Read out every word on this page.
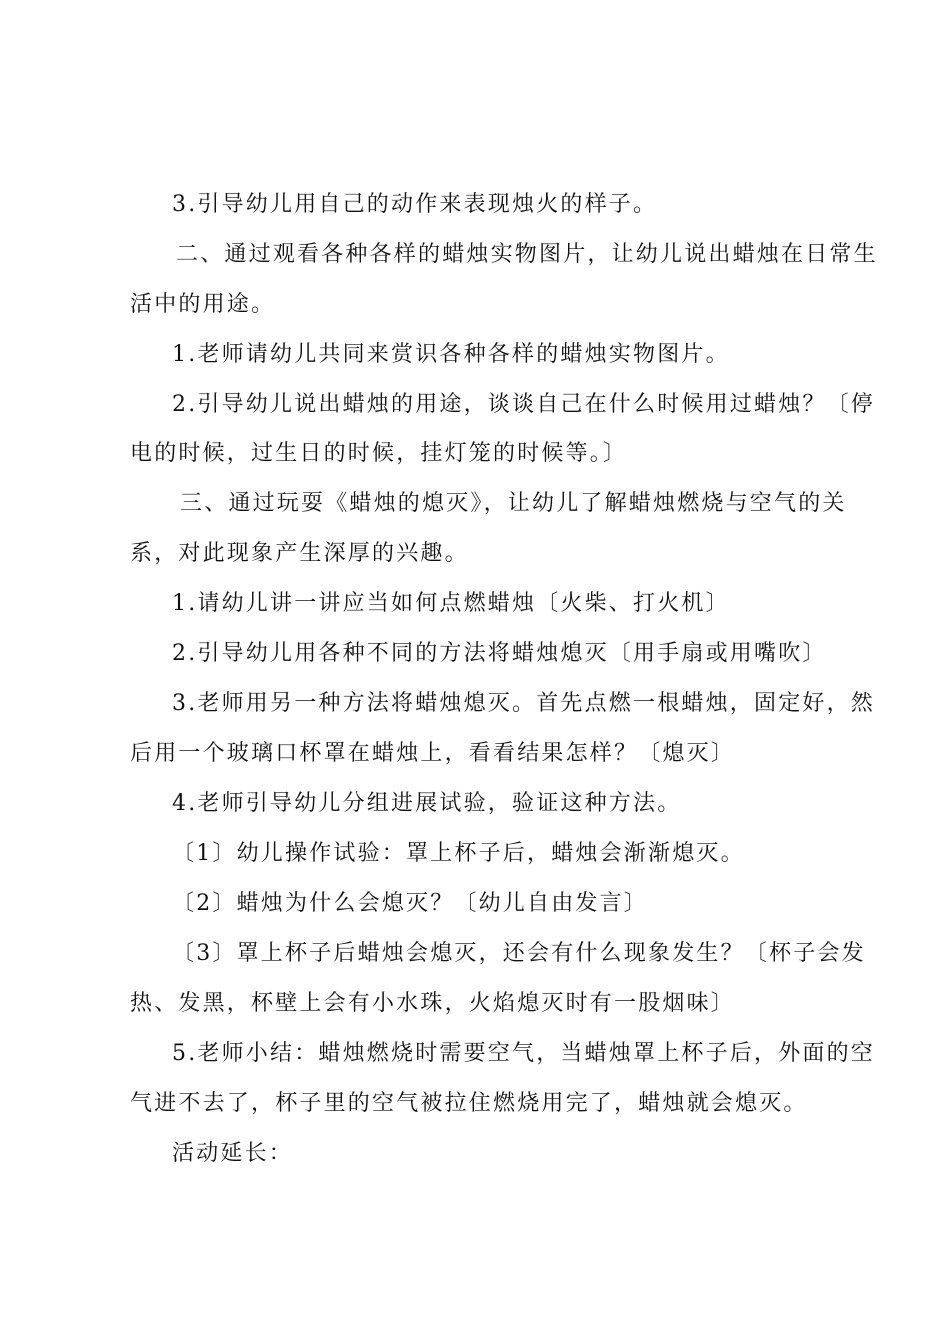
3.引导幼儿用自己的动作来表现烛火的样子。
二、通过观看各种各样的蜡烛实物图片，让幼儿说出蜡烛在日常生
活中的用途。
1.老师请幼儿共同来赏识各种各样的蜡烛实物图片。
2.引导幼儿说出蜡烛的用途，谈谈自己在什么时候用过蜡烛？〔停
电的时候，过生日的时候，挂灯笼的时候等。〕
三、通过玩耍《蜡烛的熄灭》，让幼儿了解蜡烛燃烧与空气的关
系，对此现象产生深厚的兴趣。
1.请幼儿讲一讲应当如何点燃蜡烛〔火柴、打火机〕
2.引导幼儿用各种不同的方法将蜡烛熄灭〔用手扇或用嘴吹〕
3.老师用另一种方法将蜡烛熄灭。首先点燃一根蜡烛，固定好，然
后用一个玻璃口杯罩在蜡烛上，看看结果怎样？〔熄灭〕
4.老师引导幼儿分组进展试验，验证这种方法。
〔1〕幼儿操作试验：罩上杯子后，蜡烛会渐渐熄灭。
〔2〕蜡烛为什么会熄灭？〔幼儿自由发言〕
〔3〕罩上杯子后蜡烛会熄灭，还会有什么现象发生？〔杯子会发
热、发黑，杯壁上会有小水珠，火焰熄灭时有一股烟味〕
5.老师小结：蜡烛燃烧时需要空气，当蜡烛罩上杯子后，外面的空
气进不去了，杯子里的空气被拉住燃烧用完了，蜡烛就会熄灭。
活动延长：
